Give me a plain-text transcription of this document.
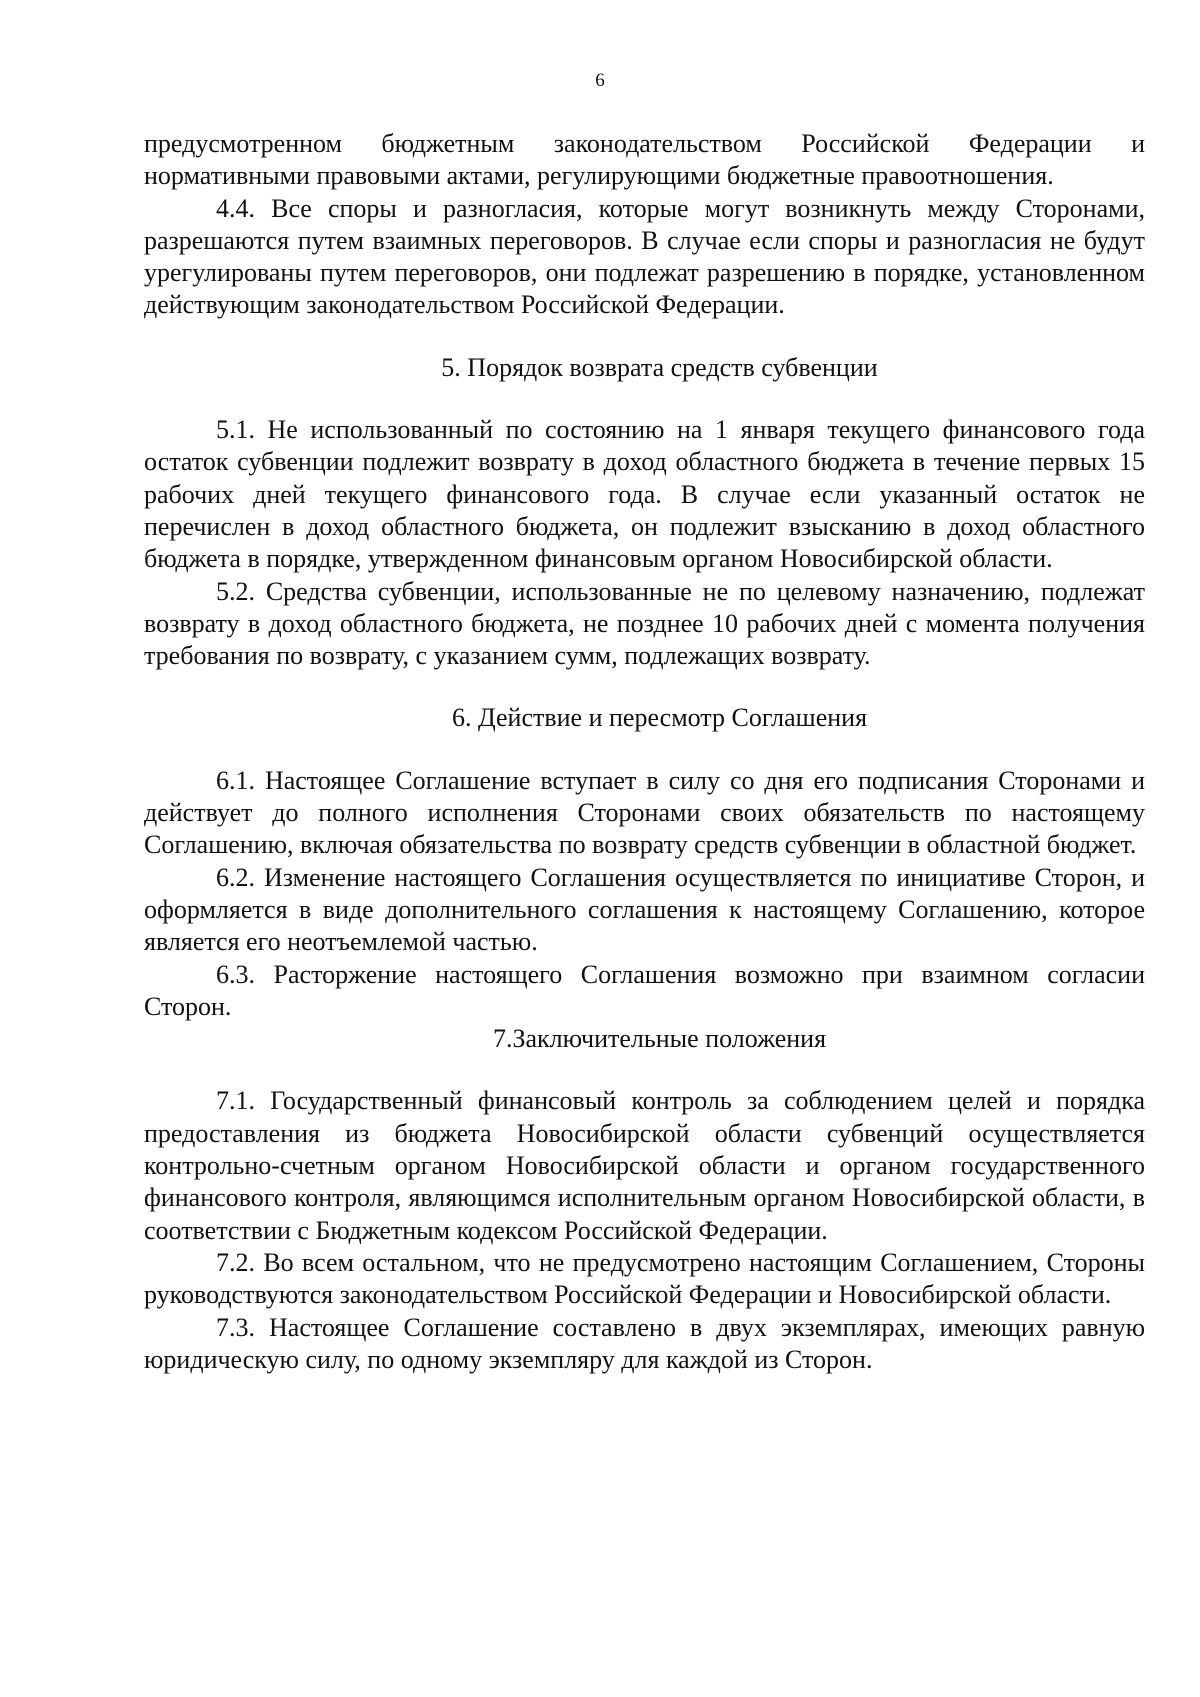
6

предусмотренном бюджетным законодательством Российской Федерации и нормативными правовыми актами, регулирующими бюджетные правоотношения.

4.4. Все споры и разногласия, которые могут возникнуть между Сторонами, разрешаются путем взаимных переговоров. В случае если споры и разногласия не будут урегулированы путем переговоров, они подлежат разрешению в порядке, установленном действующим законодательством Российской Федерации.

5. Порядок возврата средств субвенции

5.1. Не использованный по состоянию на 1 января текущего финансового года остаток субвенции подлежит возврату в доход областного бюджета в течение первых 15 рабочих дней текущего финансового года. В случае если указанный остаток не перечислен в доход областного бюджета, он подлежит взысканию в доход областного бюджета в порядке, утвержденном финансовым органом Новосибирской области.

5.2. Средства субвенции, использованные не по целевому назначению, подлежат возврату в доход областного бюджета, не позднее 10 рабочих дней с момента получения требования по возврату, с указанием сумм, подлежащих возврату.

6. Действие и пересмотр Соглашения

6.1. Настоящее Соглашение вступает в силу со дня его подписания Сторонами и действует до полного исполнения Сторонами своих обязательств по настоящему Соглашению, включая обязательства по возврату средств субвенции в областной бюджет.

6.2. Изменение настоящего Соглашения осуществляется по инициативе Сторон, и оформляется в виде дополнительного соглашения к настоящему Соглашению, которое является его неотъемлемой частью.

6.3. Расторжение настоящего Соглашения возможно при взаимном согласии Сторон.

7.Заключительные положения

7.1. Государственный финансовый контроль за соблюдением целей и порядка предоставления из бюджета Новосибирской области субвенций осуществляется контрольно-счетным органом Новосибирской области и органом государственного финансового контроля, являющимся исполнительным органом Новосибирской области, в соответствии с Бюджетным кодексом Российской Федерации.

7.2. Во всем остальном, что не предусмотрено настоящим Соглашением, Стороны руководствуются законодательством Российской Федерации и Новосибирской области.

7.3. Настоящее Соглашение составлено в двух экземплярах, имеющих равную юридическую силу, по одному экземпляру для каждой из Сторон.
